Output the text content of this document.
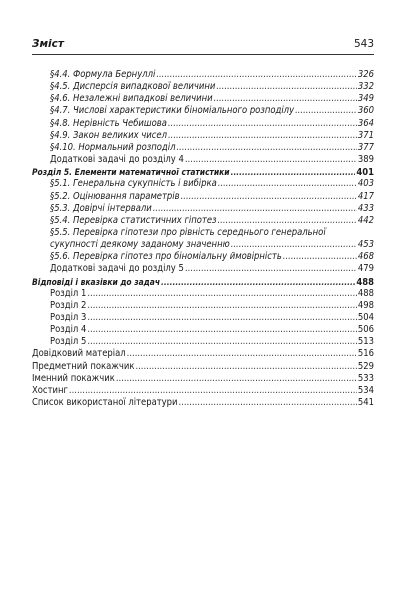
Зміст	543
§4.4. Формула Бернуллі .....	326
§4.5. Дисперсія випадкової величини .....	332
§4.6. Незалежні випадкові величини .....	349
§4.7. Числові характеристики біноміального розподілу .....	360
§4.8. Нерівність Чебишова .....	364
§4.9. Закон великих чисел .....	371
§4.10. Нормальний розподіл .....	377
Додаткові задачі до розділу 4 .....	389
Розділ 5. Елементи математичної статистики .....	401
§5.1. Генеральна сукупність і вибірка .....	403
§5.2. Оцінювання параметрів .....	417
§5.3. Довірчі інтервали .....	433
§5.4. Перевірка статистичних гіпотез .....	442
§5.5. Перевірка гіпотези про рівність середнього генеральної
сукупності деякому заданому значенню .....	453
§5.6. Перевірка гіпотез про біноміальну ймовірність .....	468
Додаткові задачі до розділу 5 .....	479
Відповіді і вказівки до задач .....	488
Розділ 1 .....	488
Розділ 2 .....	498
Розділ 3 .....	504
Розділ 4 .....	506
Розділ 5 .....	513
Довідковий матеріал .....	516
Предметний покажчик .....	529
Іменний покажчик .....	533
Хостинг .....	534
Список використаної літератури .....	541
